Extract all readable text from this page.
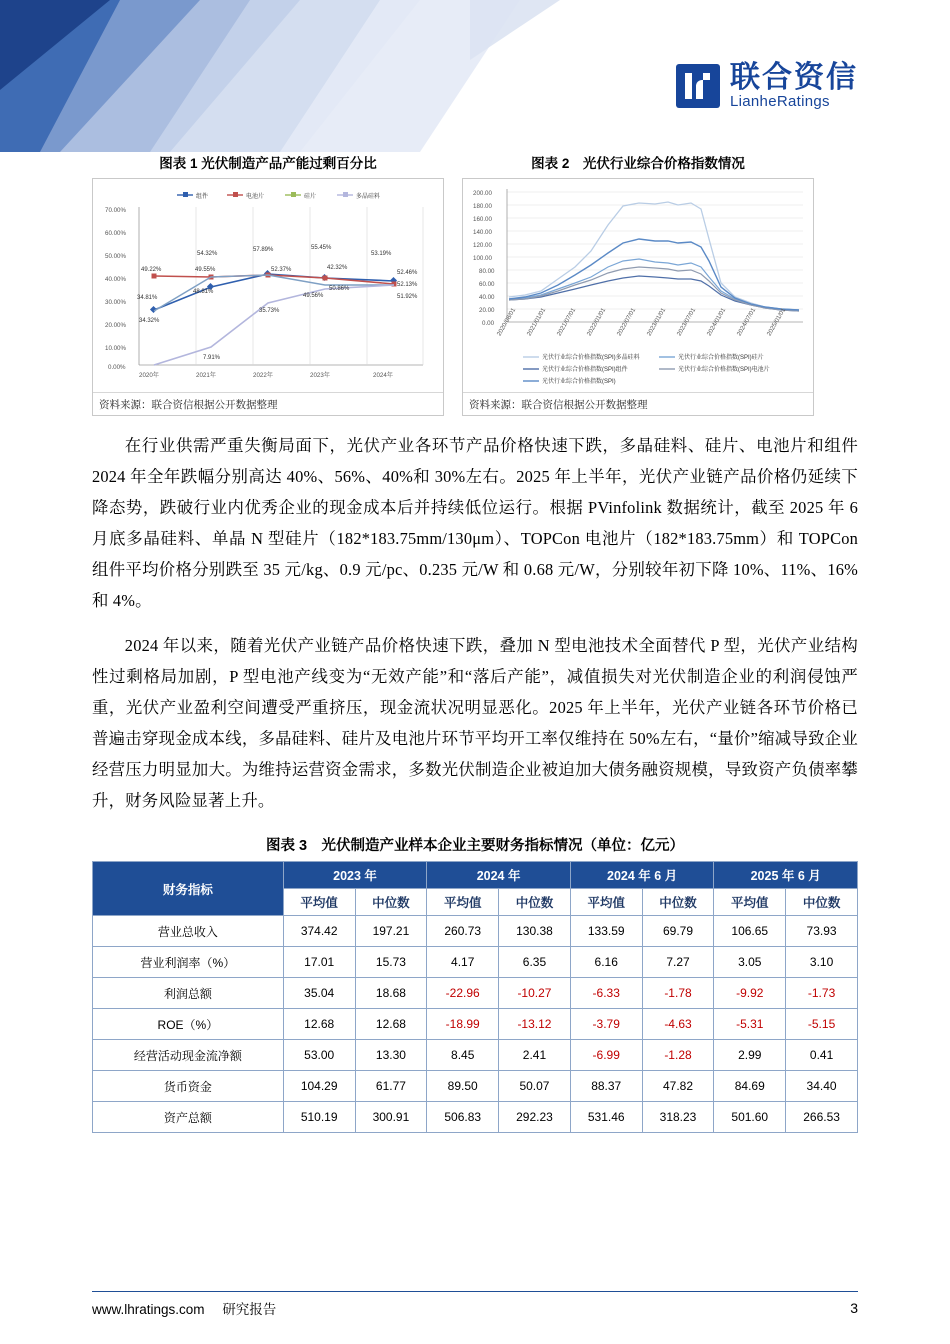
联合资信
LianheRatings
图表 1 光伏制造产品产能过剩百分比
组件	电池片	硅片	多晶硅料
70.00%
60.00%
50.00%
40.00%
30.00%
20.00%
10.00%
0.00%
49.22%
34.81%
34.32%
48.81%
49.55%
54.32%
7.91%
35.73%
57.89%
52.37%
55.45%
42.32%
49.56%
50.86%
53.19%
52.46%
52.13%
51.92%
2020年	2021年	2022年	2023年	2024年
资料来源：联合资信根据公开数据整理
图表 2　光伏行业综合价格指数情况
200.00
180.00
160.00
140.00
120.00
100.00
80.00
60.00
40.00
20.00
0.00 2020/08/01 2021/01/01 2021/07/01 2022/01/01 2022/07/01 2023/01/01 2023/07/01 2024/01/01 2024/07/01 2025/01/01
光伏行业综合价格指数(SPI)多晶硅料	光伏行业综合价格指数(SPI)硅片
光伏行业综合价格指数(SPI)组件	光伏行业综合价格指数(SPI)电池片
光伏行业综合价格指数(SPI)
资料来源：联合资信根据公开数据整理

在行业供需严重失衡局面下，光伏产业各环节产品价格快速下跌，多晶硅料、硅片、电池片和组件 2024 年全年跌幅分别高达 40%、56%、40%和 30%左右。2025 年上半年，光伏产业链产品价格仍延续下降态势，跌破行业内优秀企业的现金成本后并持续低位运行。根据 PVinfolink 数据统计，截至 2025 年 6 月底多晶硅料、单晶 N 型硅片（182*183.75mm/130μm）、TOPCon 电池片（182*183.75mm）和 TOPCon 组件平均价格分别跌至 35 元/kg、0.9 元/pc、0.235 元/W 和 0.68 元/W，分别较年初下降 10%、11%、16%和 4%。

2024 年以来，随着光伏产业链产品价格快速下跌，叠加 N 型电池技术全面替代 P 型，光伏产业结构性过剩格局加剧，P 型电池产线变为“无效产能”和“落后产能”，减值损失对光伏制造企业的利润侵蚀严重，光伏产业盈利空间遭受严重挤压，现金流状况明显恶化。2025 年上半年，光伏产业链各环节价格已普遍击穿现金成本线，多晶硅料、硅片及电池片环节平均开工率仅维持在 50%左右，“量价”缩减导致企业经营压力明显加大。为维持运营资金需求，多数光伏制造企业被迫加大债务融资规模，导致资产负债率攀升，财务风险显著上升。

图表 3　光伏制造产业样本企业主要财务指标情况（单位：亿元）
财务指标	2023 年		2024 年		2024 年 6 月		2025 年 6 月	
	平均值	中位数	平均值	中位数	平均值	中位数	平均值	中位数
营业总收入	374.42	197.21	260.73	130.38	133.59	69.79	106.65	73.93
营业利润率（%）	17.01	15.73	4.17	6.35	6.16	7.27	3.05	3.10
利润总额	35.04	18.68	-22.96	-10.27	-6.33	-1.78	-9.92	-1.73
ROE（%）	12.68	12.68	-18.99	-13.12	-3.79	-4.63	-5.31	-5.15
经营活动现金流净额	53.00	13.30	8.45	2.41	-6.99	-1.28	2.99	0.41
货币资金	104.29	61.77	89.50	50.07	88.37	47.82	84.69	34.40
资产总额	510.19	300.91	506.83	292.23	531.46	318.23	501.60	266.53
www.lhratings.com 研究报告	3
